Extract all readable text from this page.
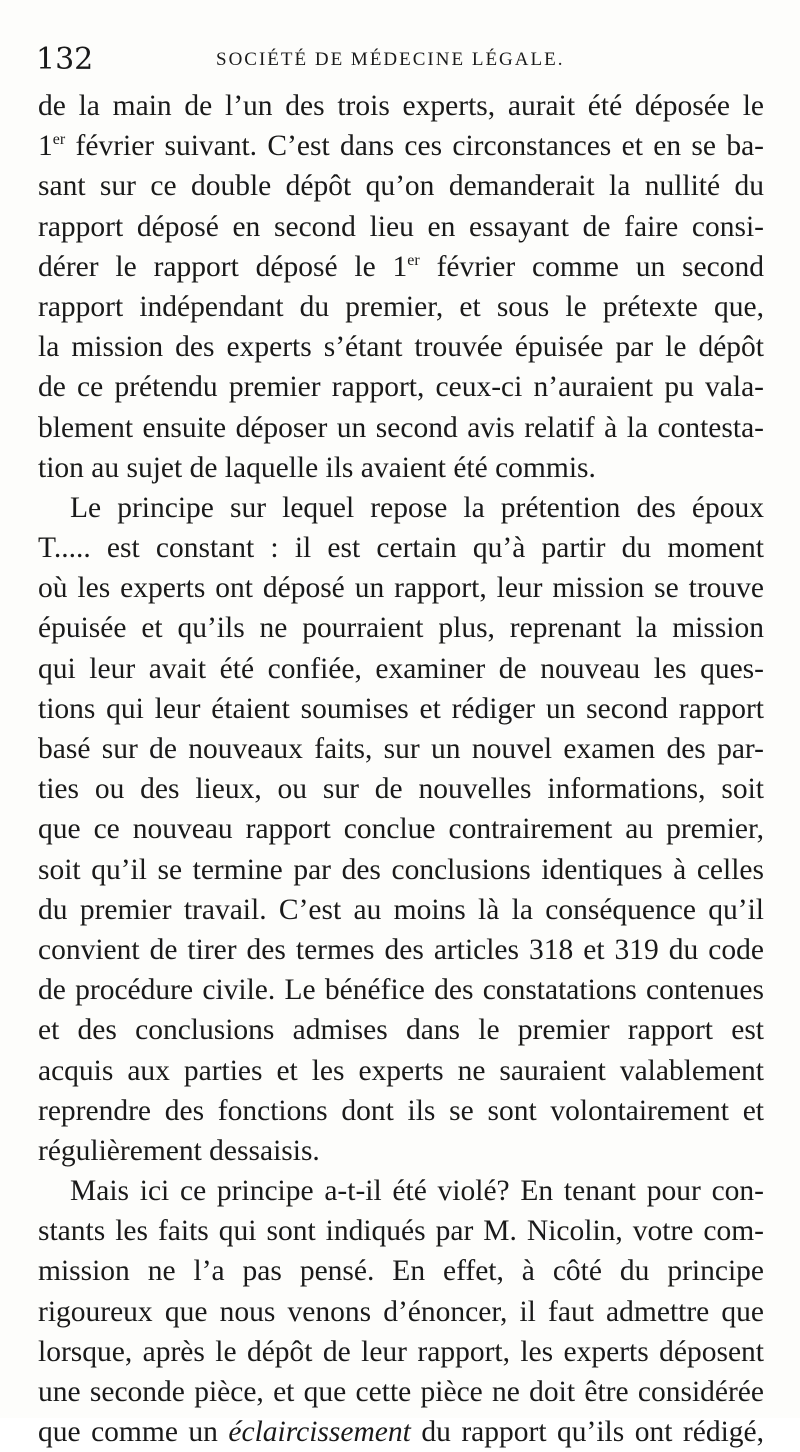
132	SOCIÉTÉ DE MÉDECINE LÉGALE.
de la main de l’un des trois experts, aurait été déposée le
1er février suivant. C’est dans ces circonstances et en se ba-
sant sur ce double dépôt qu’on demanderait la nullité du
rapport déposé en second lieu en essayant de faire consi-
dérer le rapport déposé le 1er février comme un second
rapport indépendant du premier, et sous le prétexte que,
la mission des experts s’étant trouvée épuisée par le dépôt
de ce prétendu premier rapport, ceux-ci n’auraient pu vala-
blement ensuite déposer un second avis relatif à la contesta-
tion au sujet de laquelle ils avaient été commis.
Le principe sur lequel repose la prétention des époux
T..... est constant : il est certain qu’à partir du moment
où les experts ont déposé un rapport, leur mission se trouve
épuisée et qu’ils ne pourraient plus, reprenant la mission
qui leur avait été confiée, examiner de nouveau les ques-
tions qui leur étaient soumises et rédiger un second rapport
basé sur de nouveaux faits, sur un nouvel examen des par-
ties ou des lieux, ou sur de nouvelles informations, soit
que ce nouveau rapport conclue contrairement au premier,
soit qu’il se termine par des conclusions identiques à celles
du premier travail. C’est au moins là la conséquence qu’il
convient de tirer des termes des articles 318 et 319 du code
de procédure civile. Le bénéfice des constatations contenues
et des conclusions admises dans le premier rapport est
acquis aux parties et les experts ne sauraient valablement
reprendre des fonctions dont ils se sont volontairement et
régulièrement dessaisis.
Mais ici ce principe a-t-il été violé? En tenant pour con-
stants les faits qui sont indiqués par M. Nicolin, votre com-
mission ne l’a pas pensé. En effet, à côté du principe
rigoureux que nous venons d’énoncer, il faut admettre que
lorsque, après le dépôt de leur rapport, les experts déposent
une seconde pièce, et que cette pièce ne doit être considérée
que comme un éclaircissement du rapport qu’ils ont rédigé,
